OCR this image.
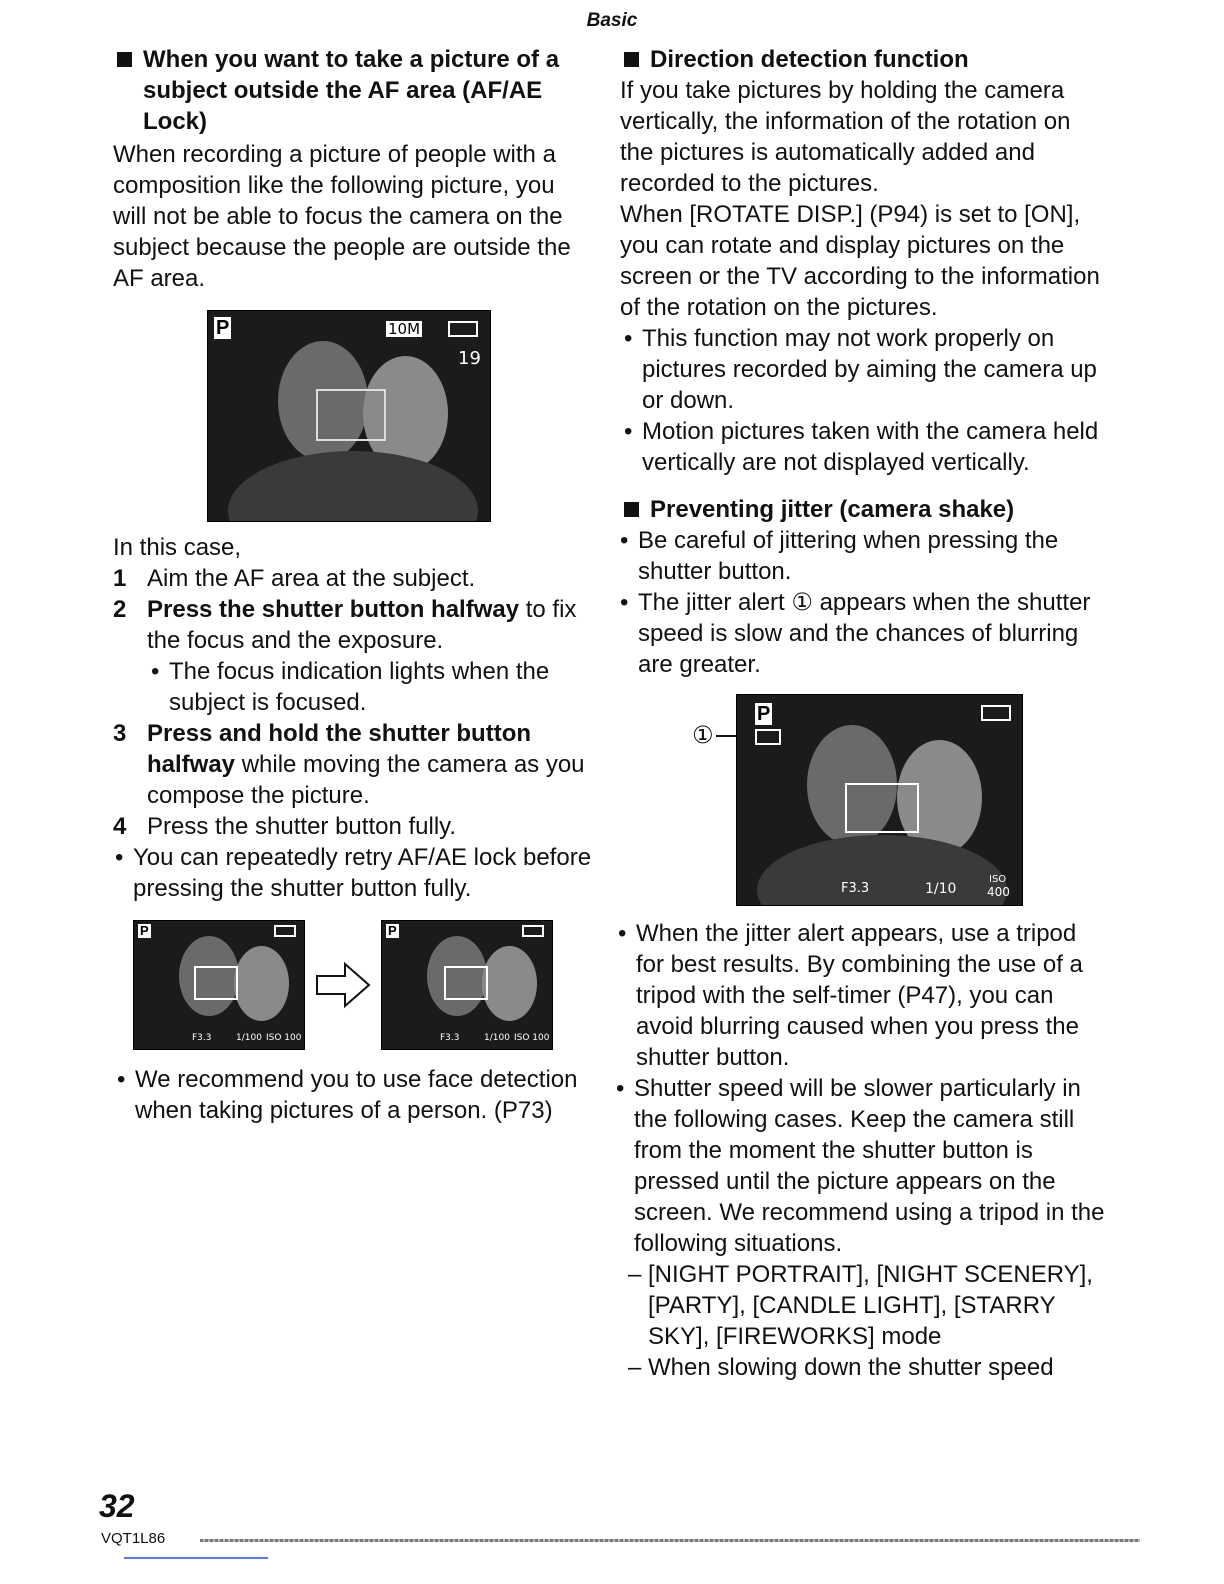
Basic
When you want to take a picture of a subject outside the AF area (AF/AE Lock)

When recording a picture of people with a composition like the following picture, you will not be able to focus the camera on the subject because the people are outside the AF area.

P	10M
19

In this case,

1 Aim the AF area at the subject.
2 Press the shutter button halfway to fix the focus and the exposure.
• The focus indication lights when the subject is focused.
3 Press and hold the shutter button halfway while moving the camera as you compose the picture.
4 Press the shutter button fully.
• You can repeatedly retry AF/AE lock before pressing the shutter button fully.
P
F3.3	1/100 ISO 100
P
F3.3	1/100 ISO 100
• We recommend you to use face detection when taking pictures of a person. (P73)
Direction detection function

If you take pictures by holding the camera vertically, the information of the rotation on the pictures is automatically added and recorded to the pictures.

When [ROTATE DISP.] (P94) is set to [ON], you can rotate and display pictures on the screen or the TV according to the information of the rotation on the pictures.

• This function may not work properly on pictures recorded by aiming the camera up or down.
• Motion pictures taken with the camera held vertically are not displayed vertically.
Preventing jitter (camera shake)
• Be careful of jittering when pressing the shutter button.
• The jitter alert ① appears when the shutter speed is slow and the chances of blurring are greater.
①
P
F3.3	1/10
ISO
400
• When the jitter alert appears, use a tripod for best results. By combining the use of a tripod with the self-timer (P47), you can avoid blurring caused when you press the shutter button.
• Shutter speed will be slower particularly in the following cases. Keep the camera still from the moment the shutter button is pressed until the picture appears on the screen. We recommend using a tripod in the following situations.
– [NIGHT PORTRAIT], [NIGHT SCENERY], [PARTY], [CANDLE LIGHT], [STARRY SKY], [FIREWORKS] mode
– When slowing down the shutter speed
32
VQT1L86
